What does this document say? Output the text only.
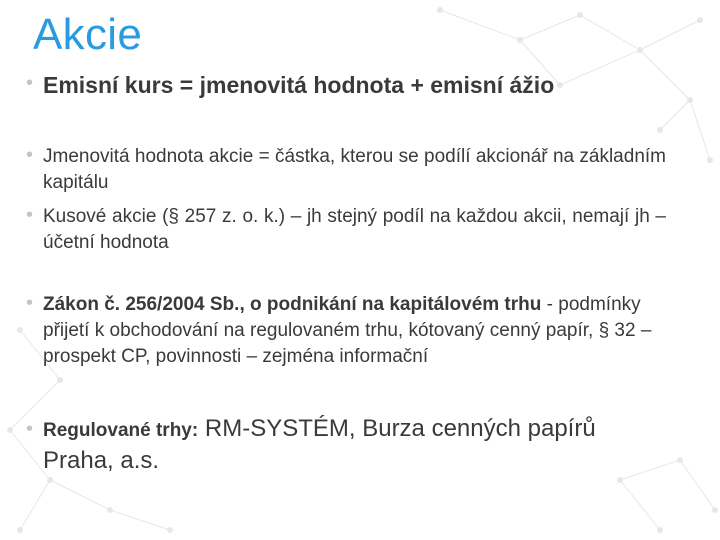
Akcie
• Emisní kurs = jmenovitá hodnota + emisní ážio
• Jmenovitá hodnota akcie = částka, kterou se podílí akcionář na základním kapitálu
• Kusové akcie (§ 257 z. o. k.) – jh stejný podíl na každou akcii, nemají jh – účetní hodnota
• Zákon č. 256/2004 Sb., o podnikání na kapitálovém trhu - podmínky přijetí k obchodování na regulovaném trhu, kótovaný cenný papír, § 32 – prospekt CP, povinnosti – zejména informační
• Regulované trhy: RM-SYSTÉM, Burza cenných papírů Praha, a.s.
